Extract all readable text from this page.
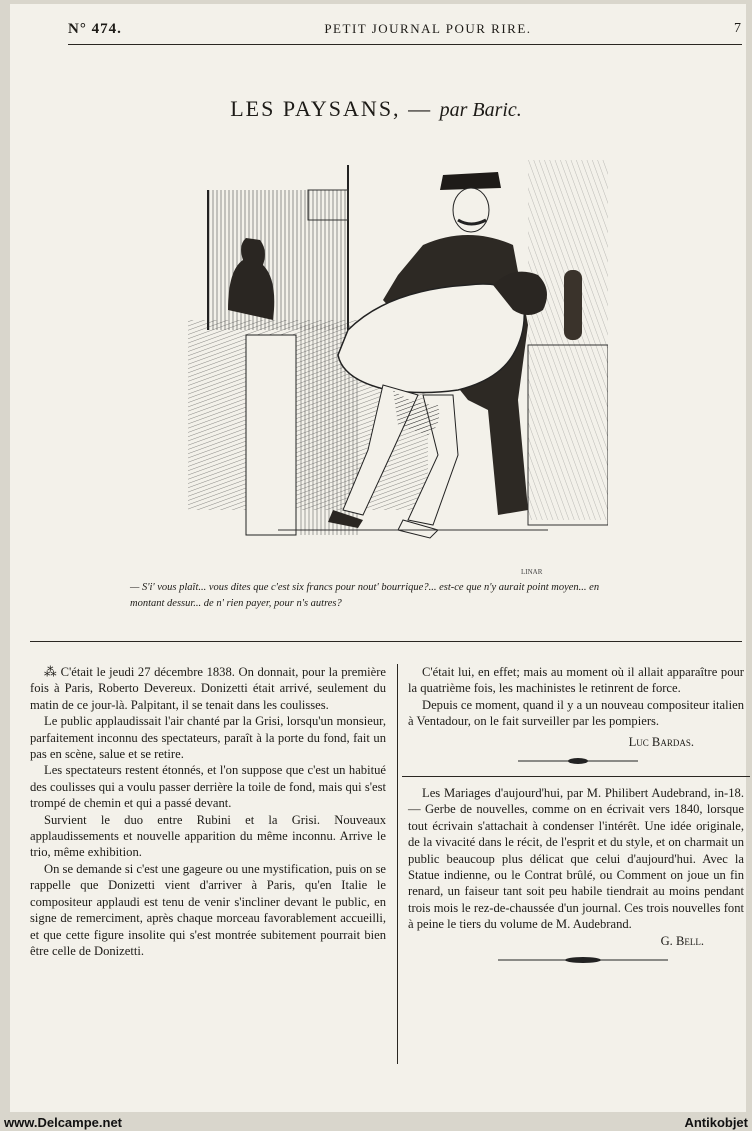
N° 474.	PETIT JOURNAL POUR RIRE.	7
LES PAYSANS, — par Baric.
LINAR
— S'i' vous plaît... vous dites que c'est six francs pour nout' bourrique?... est-ce que n'y aurait point moyen... en montant dessur... de n' rien payer, pour n's autres?

⁂ C'était le jeudi 27 décembre 1838. On donnait, pour la première fois à Paris, Roberto Devereux. Donizetti était arrivé, seulement du matin de ce jour-là. Palpitant, il se tenait dans les coulisses.

Le public applaudissait l'air chanté par la Grisi, lorsqu'un monsieur, parfaitement inconnu des spectateurs, paraît à la porte du fond, fait un pas en scène, salue et se retire.

Les spectateurs restent étonnés, et l'on suppose que c'est un habitué des coulisses qui a voulu passer derrière la toile de fond, mais qui s'est trompé de chemin et qui a passé devant.

Survient le duo entre Rubini et la Grisi. Nouveaux applaudissements et nouvelle apparition du même inconnu. Arrive le trio, même exhibition.

On se demande si c'est une gageure ou une mystification, puis on se rappelle que Donizetti vient d'arriver à Paris, qu'en Italie le compositeur applaudi est tenu de venir s'incliner devant le public, en signe de remerciment, après chaque morceau favorablement accueilli, et que cette figure insolite qui s'est montrée subitement pourrait bien être celle de Donizetti.

C'était lui, en effet; mais au moment où il allait apparaître pour la quatrième fois, les machinistes le retinrent de force.

Depuis ce moment, quand il y a un nouveau compositeur italien à Ventadour, on le fait surveiller par les pompiers.

Luc Bardas.

Les Mariages d'aujourd'hui, par M. Philibert Audebrand, in-18. — Gerbe de nouvelles, comme on en écrivait vers 1840, lorsque tout écrivain s'attachait à condenser l'intérêt. Une idée originale, de la vivacité dans le récit, de l'esprit et du style, et on charmait un public beaucoup plus délicat que celui d'aujourd'hui. Avec la Statue indienne, ou le Contrat brûlé, ou Comment on joue un fin renard, un faiseur tant soit peu habile tiendrait au moins pendant trois mois le rez-de-chaussée d'un journal. Ces trois nouvelles font à peine le tiers du volume de M. Audebrand.

G. Bell.

www.Delcampe.net	Antikobjet
